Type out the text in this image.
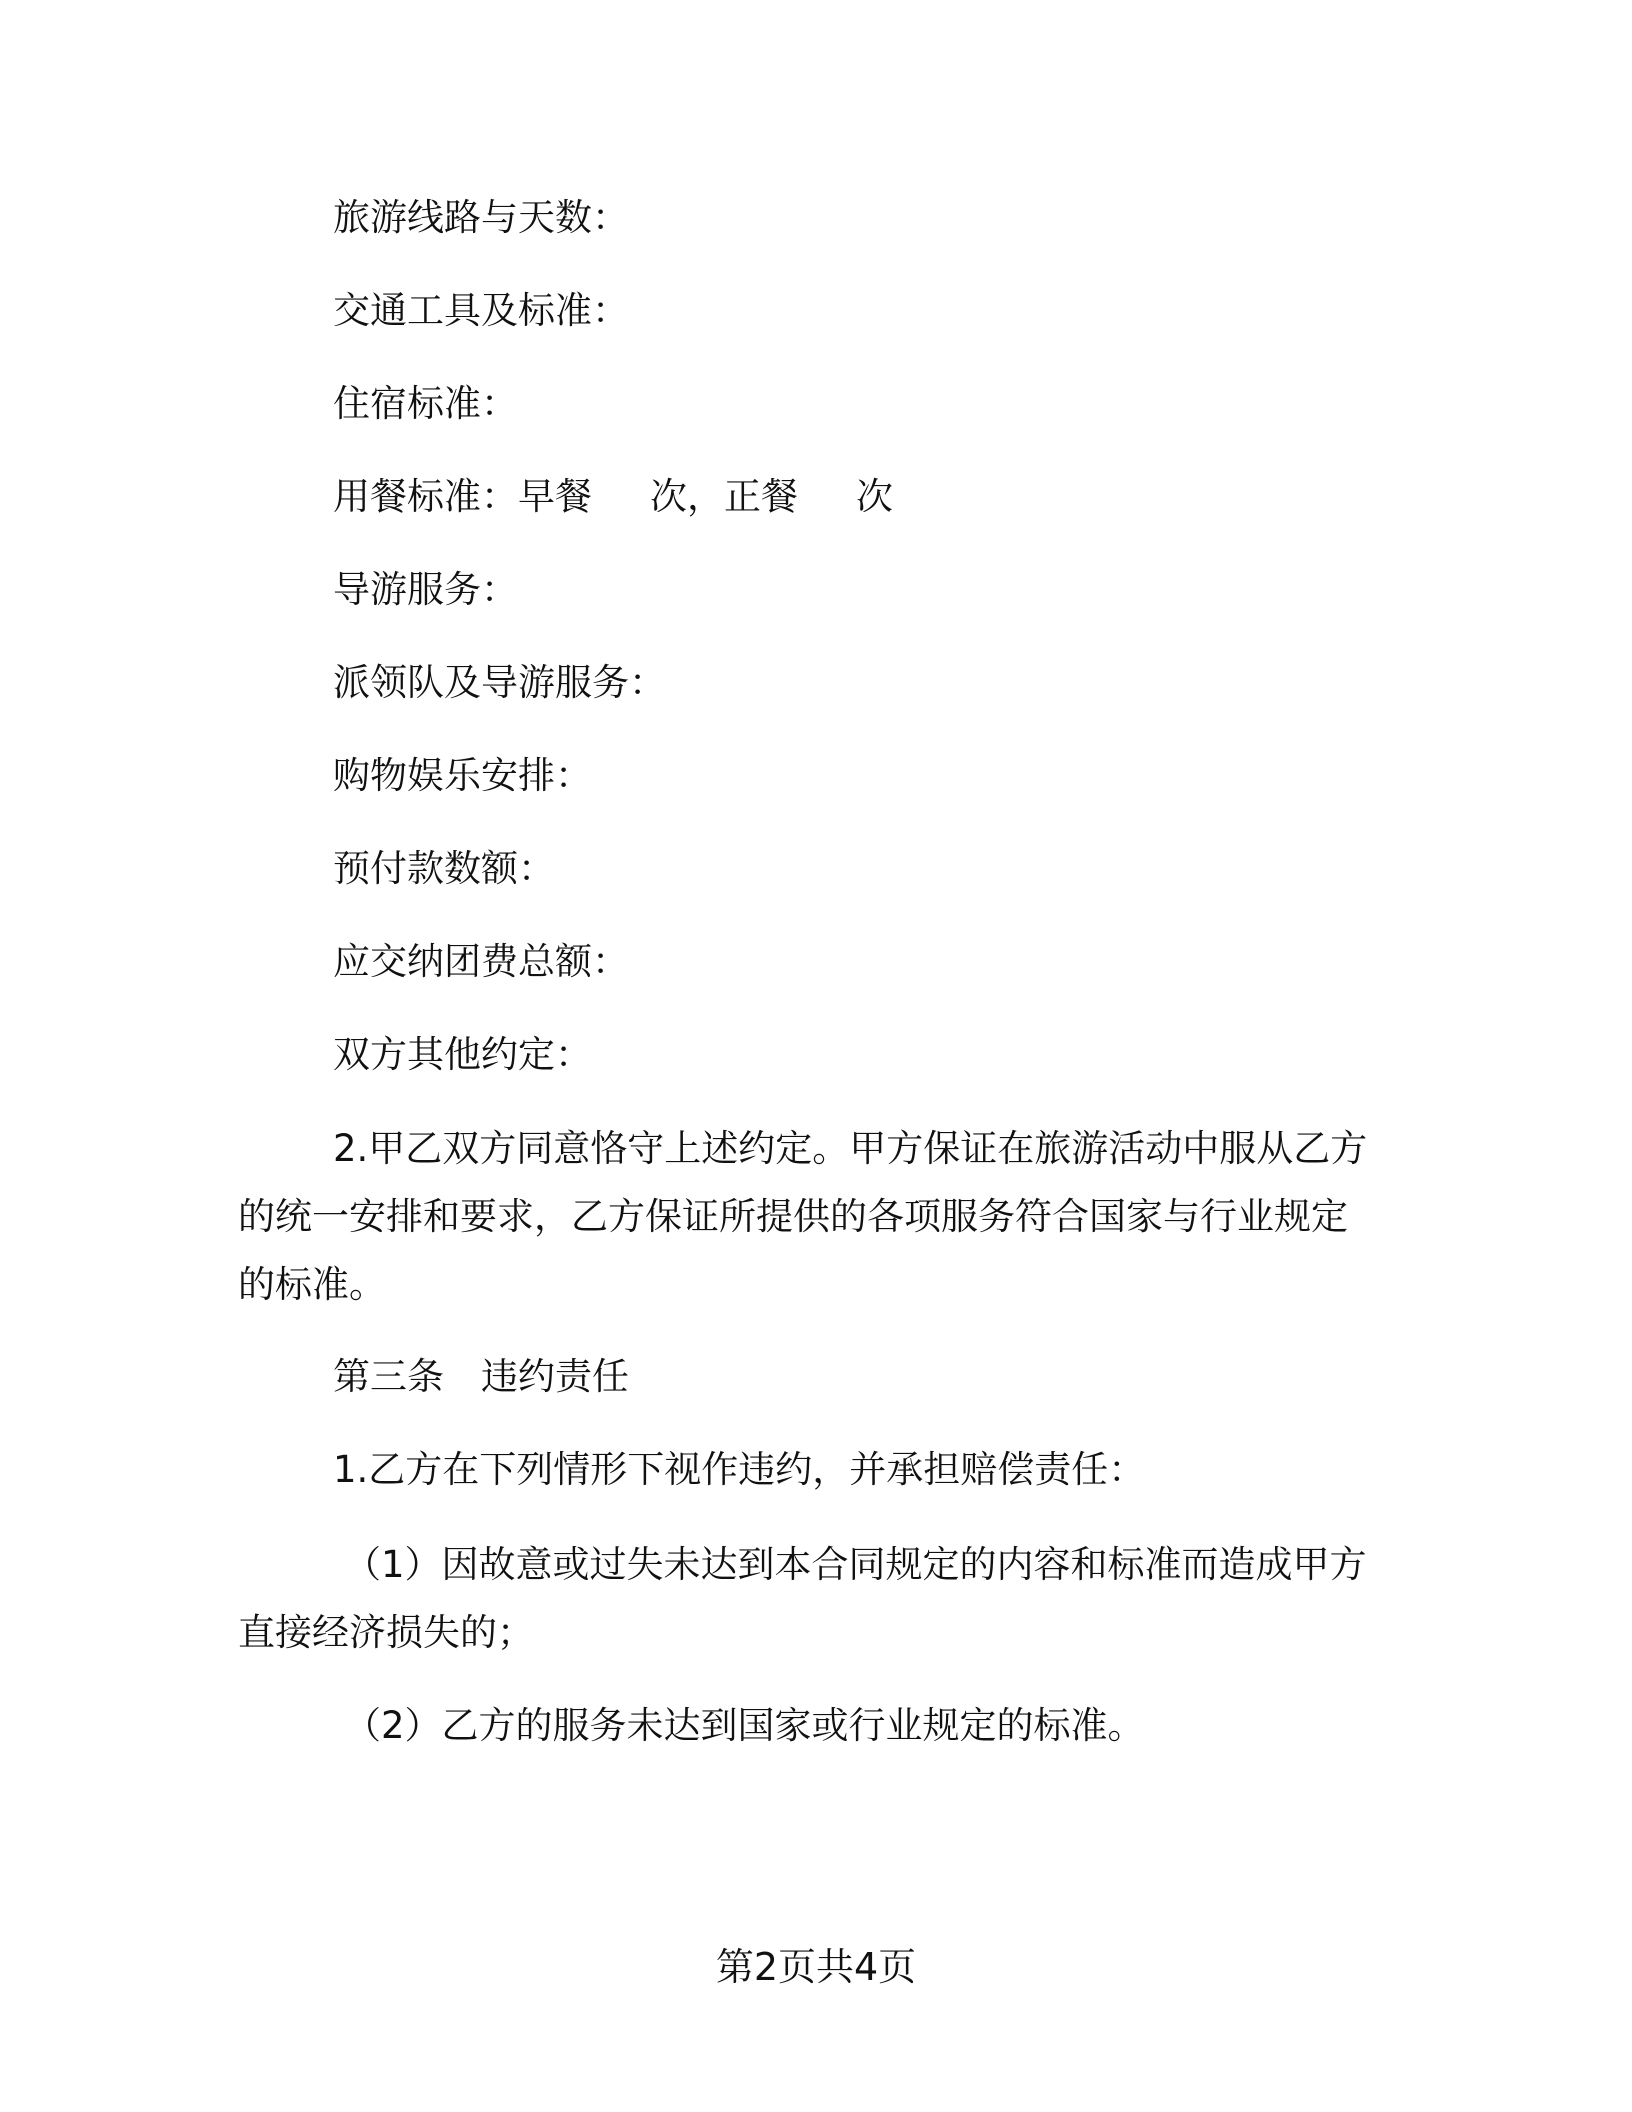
旅游线路与天数：
交通工具及标准：
住宿标准：
用餐标准：早餐 次，正餐 次
导游服务：
派领队及导游服务：
购物娱乐安排：
预付款数额：
应交纳团费总额：
双方其他约定：
2.甲乙双方同意恪守上述约定。甲方保证在旅游活动中服从乙方
的统一安排和要求，乙方保证所提供的各项服务符合国家与行业规定
的标准。
第三条 违约责任
1.乙方在下列情形下视作违约，并承担赔偿责任：
（1）因故意或过失未达到本合同规定的内容和标准而造成甲方
直接经济损失的；
（2）乙方的服务未达到国家或行业规定的标准。
第2页共4页
